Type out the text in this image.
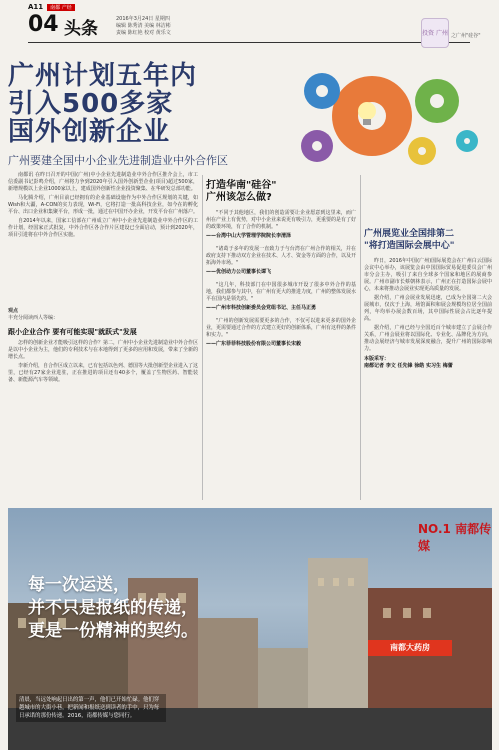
A11	南都 产经
04 头条	2016年3月24日 星期四
编辑 陈秀清 美编 林洁彬
责编 陈红艳 校对 黄乐文	投资 广州 之广州"硅谷"
广州计划五年内
引入500多家
国外创新企业
广州要建全国中小企业先进制造业中外合作区

南都讯 在昨日召开的中国(广州)中小企业先进制造业中外合作区推介会上，市工信委副书记彭鸣介绍，广州将力争到2020年引入国外创新型企业(项目)超过500家，新增规模以上企业1000家以上，建成国外创新性企业投资聚集、在华研发总部功能。

马化腾介绍，广州目前已经拥有的企业基础设施作为中外合作区规划的关键，如Wish和大疆，A-CON的实力表现，Wi-Fi，它将打造一批高科技企业，如今在的孵化平台、出口企业和集聚平台，形成一批，通过在中国开办企业，开发平台在广州落户。

自2014年以来，国家工信部在广州成立广州中小企业先进制造业中外合作区的工作计划，经国家正式批复，中外合作区各合作片区建设已全面启动，预计到2020年，项目引进将在中外合作区实施。

观点
丰充分阅读西人等编：
跟小企业合作 要有可能实现"就跃式"发展

怎样的创新企业才能吸引这样的合作？第二，广州中小企业先进制造业中外合作区是以中小企业为主，他们的专利技术与在本地得到了更多的应用和发展，带来了全新的增长点。

李新介绍，自合作区成立以来，已有包括以色列、德国等大批创新型企业进入了这里，已经有27家企业进驻，正在推进的项目还有40多个，覆盖了生物医药、智能装备、新能源汽车等领域。

打造华南"硅谷"
广州该怎么做?

"不同于其他地区，我们的创造需要让企业愿意到这里来，而广州在产业上有优势，对中小企业来说更有吸引力，更重要的是有了好的政策环境，有了合作的机制。"

——台湾中山大学管理学院院长李清泽

"诸葛于多年的发展一直致力于与台湾在广州合作的相关，并在政府支持下推动双方企业在技术、人才、资金等方面的合作，以及开拓海外市场。"

——优创动力公司董事长谭飞

"这几年，科技部门在中国很多城市开设了很多中外合作的基地，我们都参与其中，在广州有更大的推进力度，广州的整体发展水平在国内是领先的。"

——广州市科技创新委员会党组书记、主任马正勇

"广州的创新发展需要更多的合作，不仅可以进来更多的国外企业，更需要通过合作的方式建立更好的创新体系，广州有这样的条件和实力。"

——广东菲菲科技股份有限公司董事长宋毅
广州展览业全国排第二
"将打造国际会展中心"

昨日，2016年中国(广州)国际展览会在广州白云国际会议中心举办，该展览会由中国国际贸易促进委员会广州市分会主办，吸引了来自全球多个国家和地区的展商参展。广州市副市长蔡朝林表示，广州正在打造国际会展中心，未来将推动会展业实现更高质量的发展。

据介绍，广州会展业发展迅速，已成为全国第二大会展城市，仅次于上海，场馆面积和展会规模均位居全国前列，年均举办展会数百场，其中国际性展会占比逐年提高。

据介绍，广州已经与全国近百个城市建立了会展合作关系，广州会展业将以国际化、专业化、品牌化为方向，推动会展经济与城市发展深度融合，提升广州的国际影响力。

本版采写：
南都记者 李文 任先锋 徐皓 实习生 梅蕾
每一次运送，
并不只是报纸的传递，
更是一份精神的契约。
NO.1 南都传媒
南都大药房
清晨，当远处响起日出的第一声，他们已开始忙碌。他们穿越城市的大街小巷，把新闻和报纸送到读者的手中，只为每日承诺的那份传递。2016，南都传媒与您同行。
